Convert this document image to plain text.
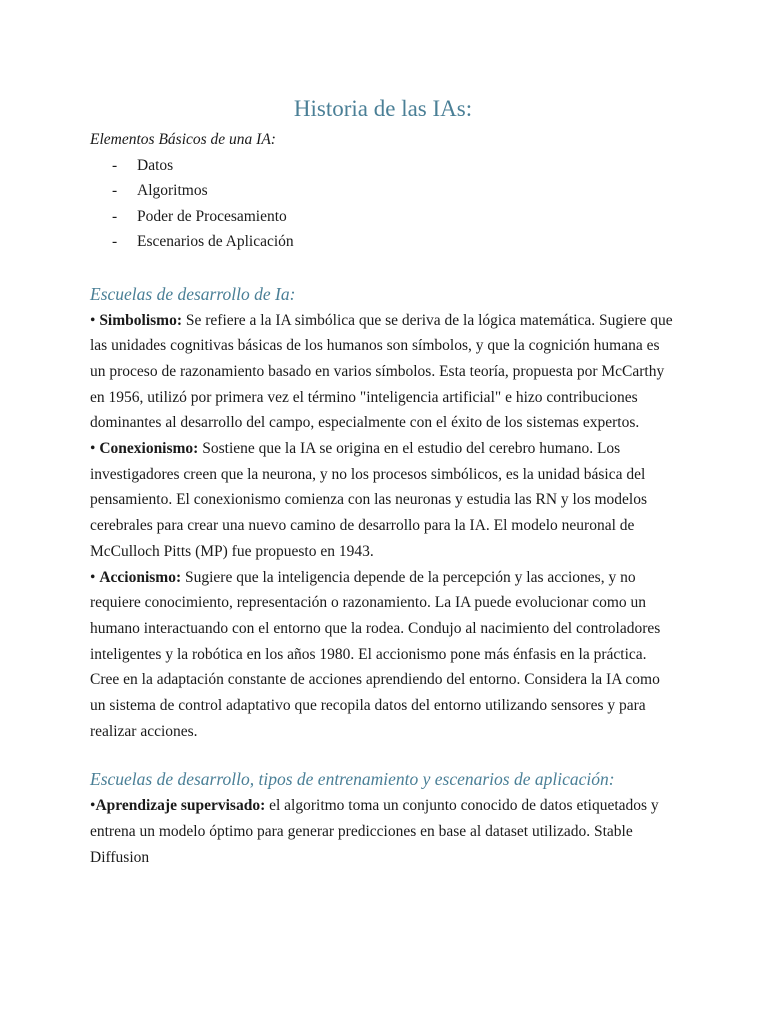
Historia de las IAs:

Elementos Básicos de una IA:

- Datos
- Algoritmos
- Poder de Procesamiento
- Escenarios de Aplicación
Escuelas de desarrollo de Ia:

• Simbolismo: Se refiere a la IA simbólica que se deriva de la lógica matemática. Sugiere que las unidades cognitivas básicas de los humanos son símbolos, y que la cognición humana es un proceso de razonamiento basado en varios símbolos. Esta teoría, propuesta por McCarthy en 1956, utilizó por primera vez el término "inteligencia artificial" e hizo contribuciones dominantes al desarrollo del campo, especialmente con el éxito de los sistemas expertos.

• Conexionismo: Sostiene que la IA se origina en el estudio del cerebro humano. Los investigadores creen que la neurona, y no los procesos simbólicos, es la unidad básica del pensamiento. El conexionismo comienza con las neuronas y estudia las RN y los modelos cerebrales para crear una nuevo camino de desarrollo para la IA. El modelo neuronal de McCulloch Pitts (MP) fue propuesto en 1943.

• Accionismo: Sugiere que la inteligencia depende de la percepción y las acciones, y no requiere conocimiento, representación o razonamiento. La IA puede evolucionar como un humano interactuando con el entorno que la rodea. Condujo al nacimiento del controladores inteligentes y la robótica en los años 1980. El accionismo pone más énfasis en la práctica. Cree en la adaptación constante de acciones aprendiendo del entorno. Considera la IA como un sistema de control adaptativo que recopila datos del entorno utilizando sensores y para realizar acciones.

Escuelas de desarrollo, tipos de entrenamiento y escenarios de aplicación:

•Aprendizaje supervisado: el algoritmo toma un conjunto conocido de datos etiquetados y entrena un modelo óptimo para generar predicciones en base al dataset utilizado. Stable Diffusion
